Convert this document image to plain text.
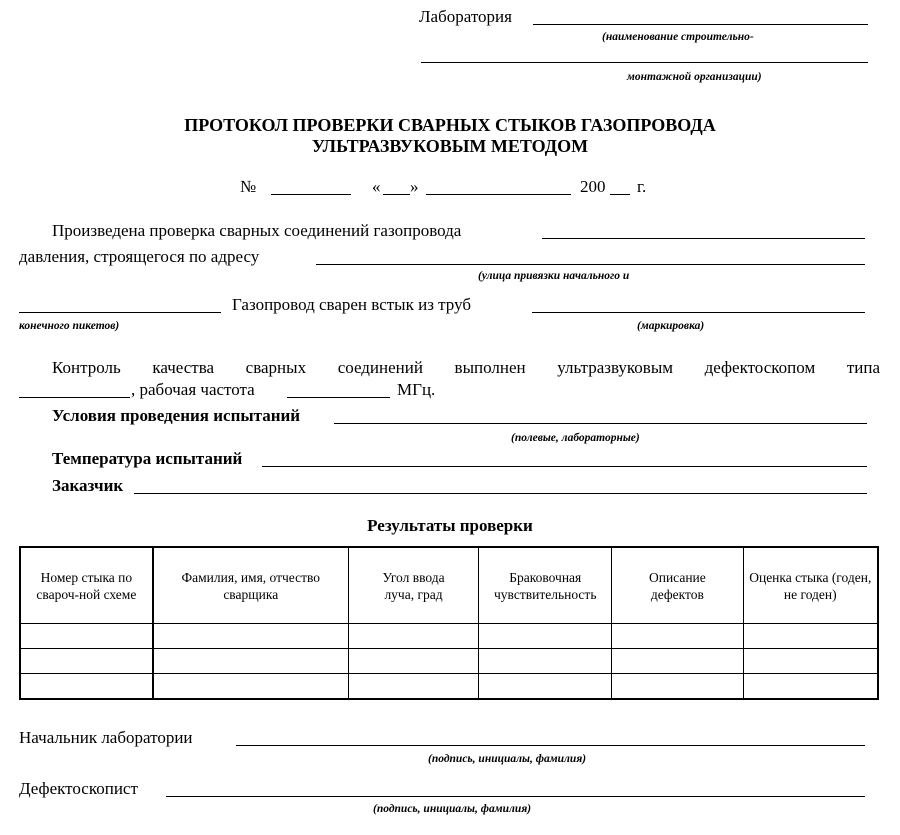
Лаборатория
(наименование строительно-
монтажной организации)
ПРОТОКОЛ ПРОВЕРКИ СВАРНЫХ СТЫКОВ ГАЗОПРОВОДА
УЛЬТРАЗВУКОВЫМ МЕТОДОМ
№	« »	200 г.
Произведена проверка сварных соединений газопровода
давления, строящегося по адресу
(улица привязки начального и
Газопровод сварен встык из труб
конечного пикетов)	(маркировка)
Контроль качества сварных соединений выполнен ультразвуковым дефектоскопом типа
, рабочая частота	МГц.
Условия проведения испытаний
(полевые, лабораторные)
Температура испытаний
Заказчик
Результаты проверки
Номер стыка по свароч-ной схеме	Фамилия, имя, отчество сварщика	Угол ввода луча, град	Браковочная чувствительность	Описание дефектов	Оценка стыка (годен, не годен)

Начальник лаборатории
(подпись, инициалы, фамилия)
Дефектоскопист
(подпись, инициалы, фамилия)
